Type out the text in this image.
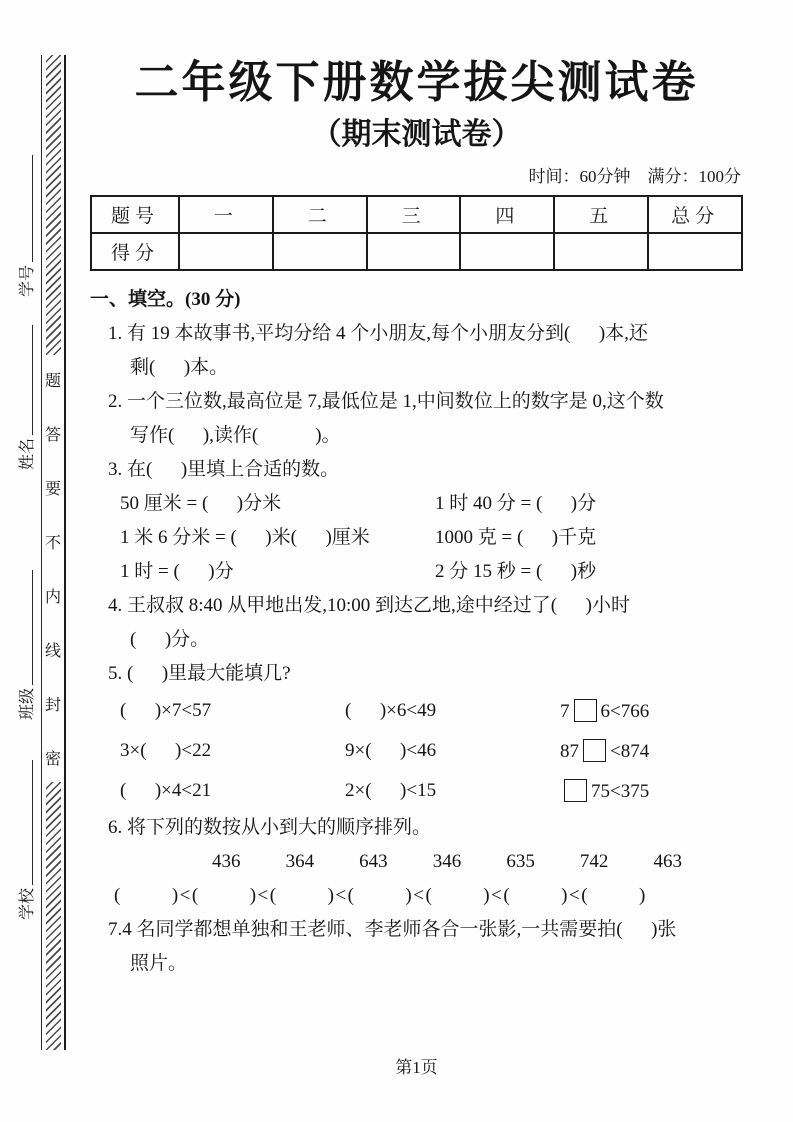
学号
姓名
班级
学校
题
答
要
不
内
线
封
密
二年级下册数学拔尖测试卷
（期末测试卷）
时间：60分钟　满分：100分
题号	一	二	三	四	五	总分
得分						
一、填空。(30 分)
1. 有 19 本故事书,平均分给 4 个小朋友,每个小朋友分到(      )本,还
剩(      )本。
2. 一个三位数,最高位是 7,最低位是 1,中间数位上的数字是 0,这个数
写作(      ),读作(            )。
3. 在(      )里填上合适的数。
50 厘米 = (      )分米	1 时 40 分 = (      )分
1 米 6 分米 = (      )米(      )厘米	1000 克 = (      )千克
1 时 = (      )分	2 分 15 秒 = (      )秒
4. 王叔叔 8:40 从甲地出发,10:00 到达乙地,途中经过了(      )小时
(      )分。
5. (      )里最大能填几?
(      )×7<57	(      )×6<49	7 6<766
3×(      )<22	9×(      )<46	87 <874
(      )×4<21	2×(      )<15	75<375
6. 将下列的数按从小到大的顺序排列。
436 364 643 346 635 742 463
(        )<(        )<(        )<(        )<(        )<(        )<(        )
7.4 名同学都想单独和王老师、李老师各合一张影,一共需要拍(      )张
照片。
第1页
